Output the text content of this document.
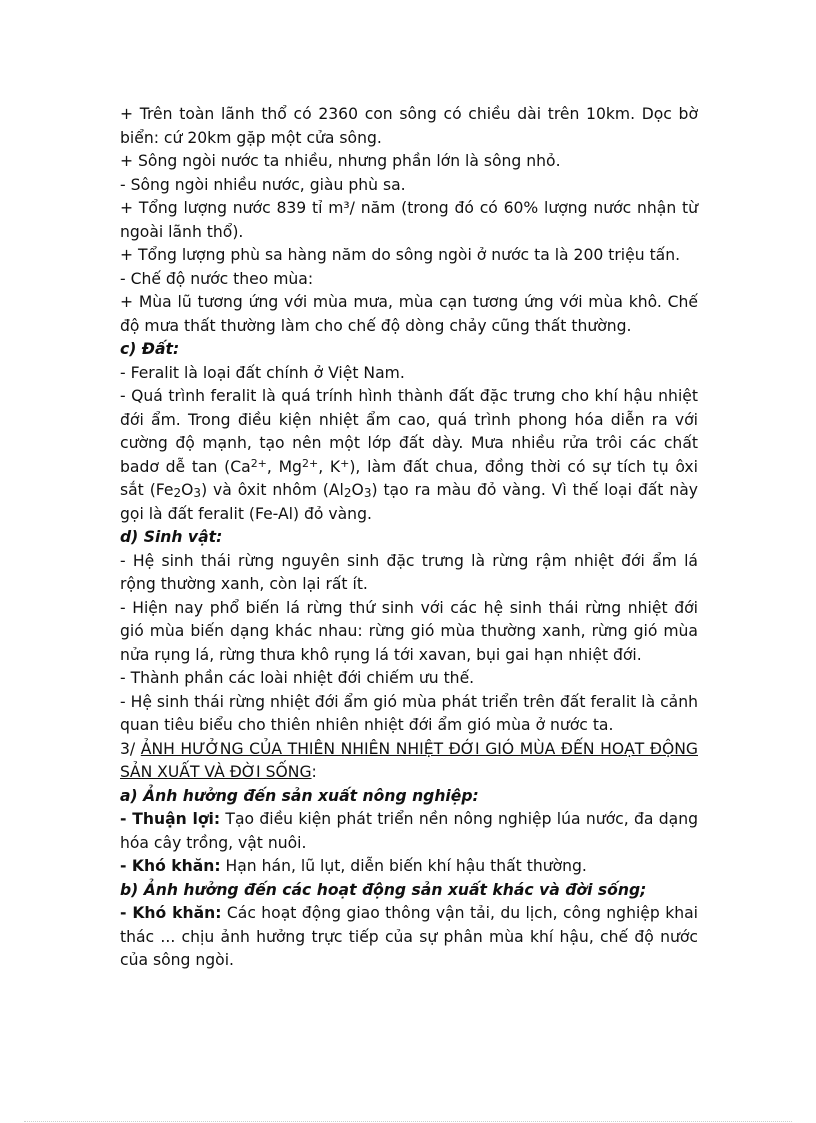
+ Trên toàn lãnh thổ có 2360 con sông có chiều dài trên 10km. Dọc bờ biển: cứ 20km gặp một cửa sông.

+ Sông ngòi nước ta nhiều, nhưng phần lớn là sông nhỏ.

- Sông ngòi nhiều nước, giàu phù sa.

+ Tổng lượng nước 839 tỉ m³/ năm (trong đó có 60% lượng nước nhận từ ngoài lãnh thổ).

+ Tổng lượng phù sa hàng năm do sông ngòi ở nước ta là 200 triệu tấn.

- Chế độ nước theo mùa:

+ Mùa lũ tương ứng với mùa mưa, mùa cạn tương ứng với mùa khô. Chế độ mưa thất thường làm cho chế độ dòng chảy cũng thất thường.

c) Đất:

- Feralit là loại đất chính ở Việt Nam.

- Quá trình feralit là quá trính hình thành đất đặc trưng cho khí hậu nhiệt đới ẩm. Trong điều kiện nhiệt ẩm cao, quá trình phong hóa diễn ra với cường độ mạnh, tạo nên một lớp đất dày. Mưa nhiều rửa trôi các chất badơ dễ $\tan (Ca^{2+}$, $Mg^{2+}$, K+), làm đất chua, đồng thời có sự tích tụ ôxi sắt (Fe2O3) và ôxit nhôm (Al2O3) tạo ra màu đỏ vàng. Vì thế loại đất này gọi là đất feralit (Fe-Al) đỏ vàng.

d) Sinh vật:

- Hệ sinh thái rừng nguyên sinh đặc trưng là rừng rậm nhiệt đới ẩm lá rộng thường xanh, còn lại rất ít.

- Hiện nay phổ biến lá rừng thứ sinh với các hệ sinh thái rừng nhiệt đới gió mùa biến dạng khác nhau: rừng gió mùa thường xanh, rừng gió mùa nửa rụng lá, rừng thưa khô rụng lá tới xavan, bụi gai hạn nhiệt đới.

- Thành phần các loài nhiệt đới chiếm ưu thế.

- Hệ sinh thái rừng nhiệt đới ẩm gió mùa phát triển trên đất feralit là cảnh quan tiêu biểu cho thiên nhiên nhiệt đới ẩm gió mùa ở nước ta.

3/ ẢNH HƯỞNG CỦA THIÊN NHIÊN NHIỆT ĐỚI GIÓ MÙA ĐẾN HOẠT ĐỘNG SẢN XUẤT VÀ ĐỜI SỐNG:

a) Ảnh hưởng đến sản xuất nông nghiệp:

- Thuận lợi: Tạo điều kiện phát triển nền nông nghiệp lúa nước, đa dạng hóa cây trồng, vật nuôi.

- Khó khăn: Hạn hán, lũ lụt, diễn biến khí hậu thất thường.

b) Ảnh hưởng đến các hoạt động sản xuất khác và đời sống;

- Khó khăn: Các hoạt động giao thông vận tải, du lịch, công nghiệp khai thác ... chịu ảnh hưởng trực tiếp của sự phân mùa khí hậu, chế độ nước của sông ngòi.
